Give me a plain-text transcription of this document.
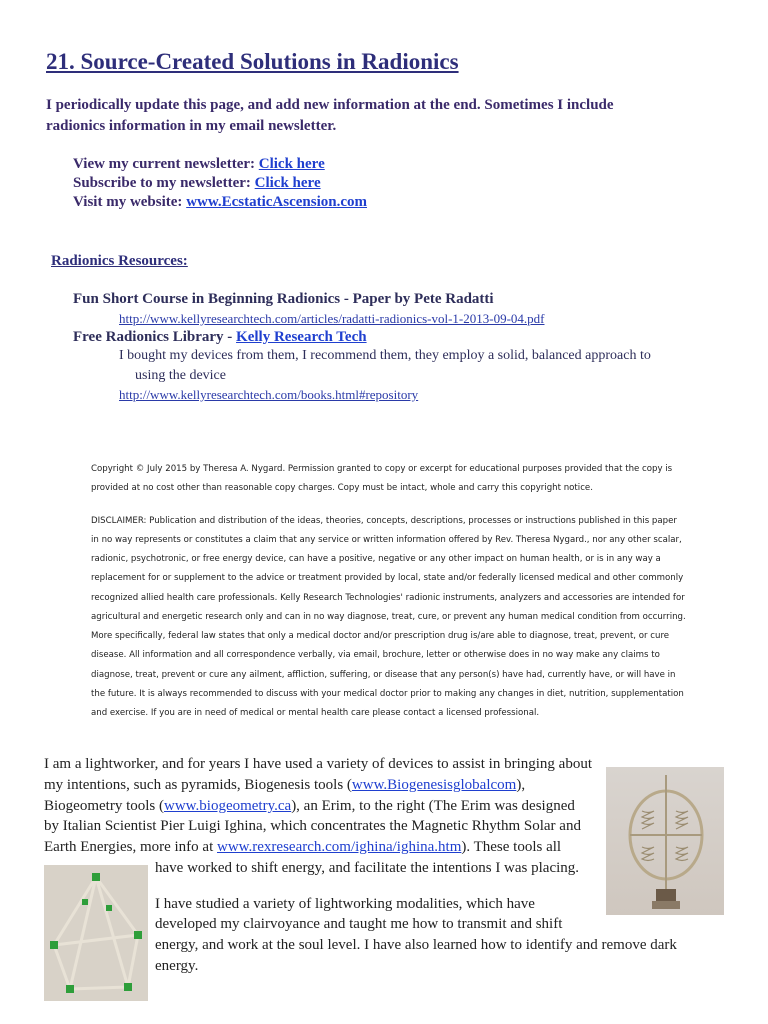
21. Source-Created Solutions in Radionics
I periodically update this page, and add new information at the end. Sometimes I include
radionics information in my email newsletter.
View my current newsletter: Click here
Subscribe to my newsletter: Click here
Visit my website: www.EcstaticAscension.com
Radionics Resources:
Fun Short Course in Beginning Radionics - Paper by Pete Radatti
http://www.kellyresearchtech.com/articles/radatti-radionics-vol-1-2013-09-04.pdf
Free Radionics Library - Kelly Research Tech
I bought my devices from them, I recommend them, they employ a solid, balanced approach to
using the device
http://www.kellyresearchtech.com/books.html#repository
Copyright © July 2015 by Theresa A. Nygard. Permission granted to copy or excerpt for educational purposes provided that the copy is
provided at no cost other than reasonable copy charges. Copy must be intact, whole and carry this copyright notice.
DISCLAIMER: Publication and distribution of the ideas, theories, concepts, descriptions, processes or instructions published in this paper
in no way represents or constitutes a claim that any service or written information offered by Rev. Theresa Nygard., nor any other scalar,
radionic, psychotronic, or free energy device, can have a positive, negative or any other impact on human health, or is in any way a
replacement for or supplement to the advice or treatment provided by local, state and/or federally licensed medical and other commonly
recognized allied health care professionals. Kelly Research Technologies' radionic instruments, analyzers and accessories are intended for
agricultural and energetic research only and can in no way diagnose, treat, cure, or prevent any human medical condition from occurring.
More specifically, federal law states that only a medical doctor and/or prescription drug is/are able to diagnose, treat, prevent, or cure
disease. All information and all correspondence verbally, via email, brochure, letter or otherwise does in no way make any claims to
diagnose, treat, prevent or cure any ailment, affliction, suffering, or disease that any person(s) have had, currently have, or will have in
the future. It is always recommended to discuss with your medical doctor prior to making any changes in diet, nutrition, supplementation
and exercise. If you are in need of medical or mental health care please contact a licensed professional.
I am a lightworker, and for years I have used a variety of devices to assist in bringing about
my intentions, such as pyramids, Biogenesis tools (www.Biogenesisglobalcom),
Biogeometry tools (www.biogeometry.ca), an Erim, to the right (The Erim was designed
by Italian Scientist Pier Luigi Ighina, which concentrates the Magnetic Rhythm Solar and
Earth Energies, more info at www.rexresearch.com/ighina/ighina.htm). These tools all
have worked to shift energy, and facilitate the intentions I was placing.
I have studied a variety of lightworking modalities, which have
developed my clairvoyance and taught me how to transmit and shift
energy, and work at the soul level. I have also learned how to identify and remove dark
energy.
